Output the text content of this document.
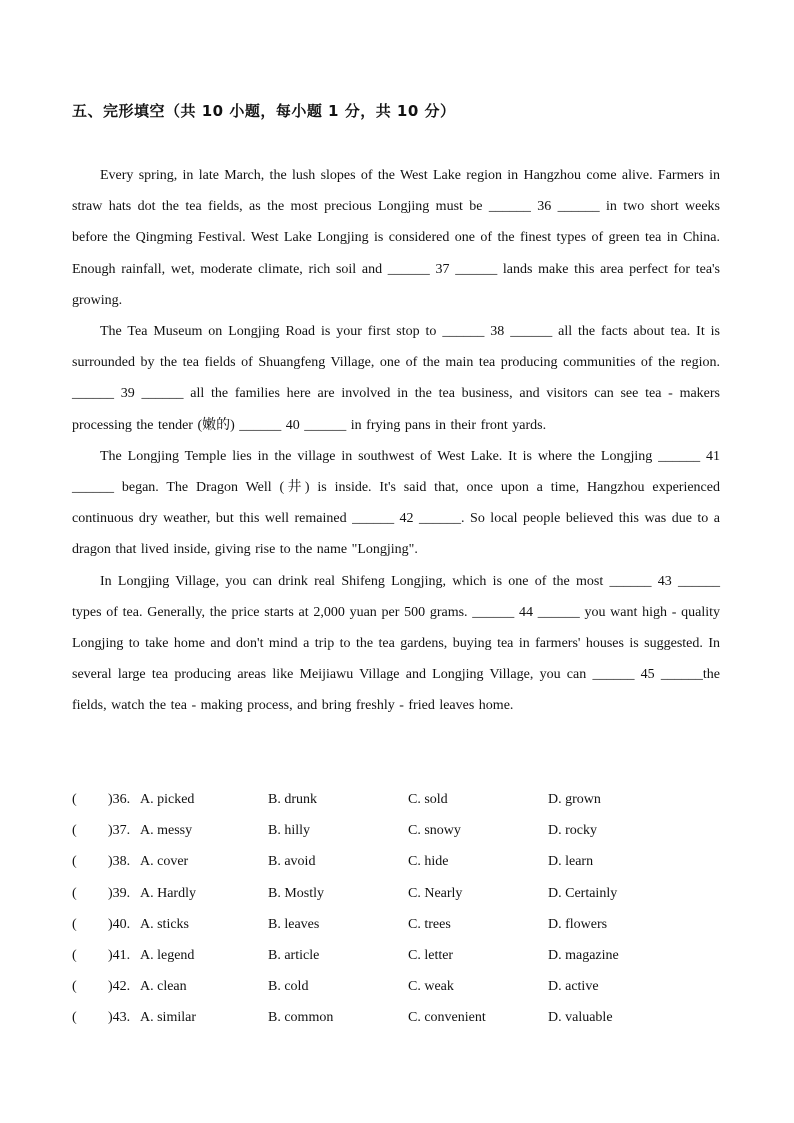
五、完形填空（共 10 小题，每小题 1 分，共 10 分）

Every spring, in late March, the lush slopes of the West Lake region in Hangzhou come alive. Farmers in straw hats dot the tea fields, as the most precious Longjing must be ______ 36 ______ in two short weeks before the Qingming Festival. West Lake Longjing is considered one of the finest types of green tea in China. Enough rainfall, wet, moderate climate, rich soil and ______ 37 ______ lands make this area perfect for tea's growing.

The Tea Museum on Longjing Road is your first stop to ______ 38 ______ all the facts about tea. It is surrounded by the tea fields of Shuangfeng Village, one of the main tea producing communities of the region. ______ 39 ______ all the families here are involved in the tea business, and visitors can see tea - makers processing the tender (嫩的) ______ 40 ______ in frying pans in their front yards.

The Longjing Temple lies in the village in southwest of West Lake. It is where the Longjing ______ 41 ______ began. The Dragon Well (井) is inside. It's said that, once upon a time, Hangzhou experienced continuous dry weather, but this well remained ______ 42 ______. So local people believed this was due to a dragon that lived inside, giving rise to the name "Longjing".

In Longjing Village, you can drink real Shifeng Longjing, which is one of the most ______ 43 ______ types of tea. Generally, the price starts at 2,000 yuan per 500 grams. ______ 44 ______ you want high - quality Longjing to take home and don't mind a trip to the tea gardens, buying tea in farmers' houses is suggested. In several large tea producing areas like Meijiawu Village and Longjing Village, you can ______ 45 ______the fields, watch the tea - making process, and bring freshly - fried leaves home.

( )36. A. picked	B. drunk	C. sold	D. grown
( )37. A. messy	B. hilly	C. snowy	D. rocky
( )38. A. cover	B. avoid	C. hide	D. learn
( )39. A. Hardly	B. Mostly	C. Nearly	D. Certainly
( )40. A. sticks	B. leaves	C. trees	D. flowers
( )41. A. legend	B. article	C. letter	D. magazine
( )42. A. clean	B. cold	C. weak	D. active
( )43. A. similar	B. common	C. convenient	D. valuable
